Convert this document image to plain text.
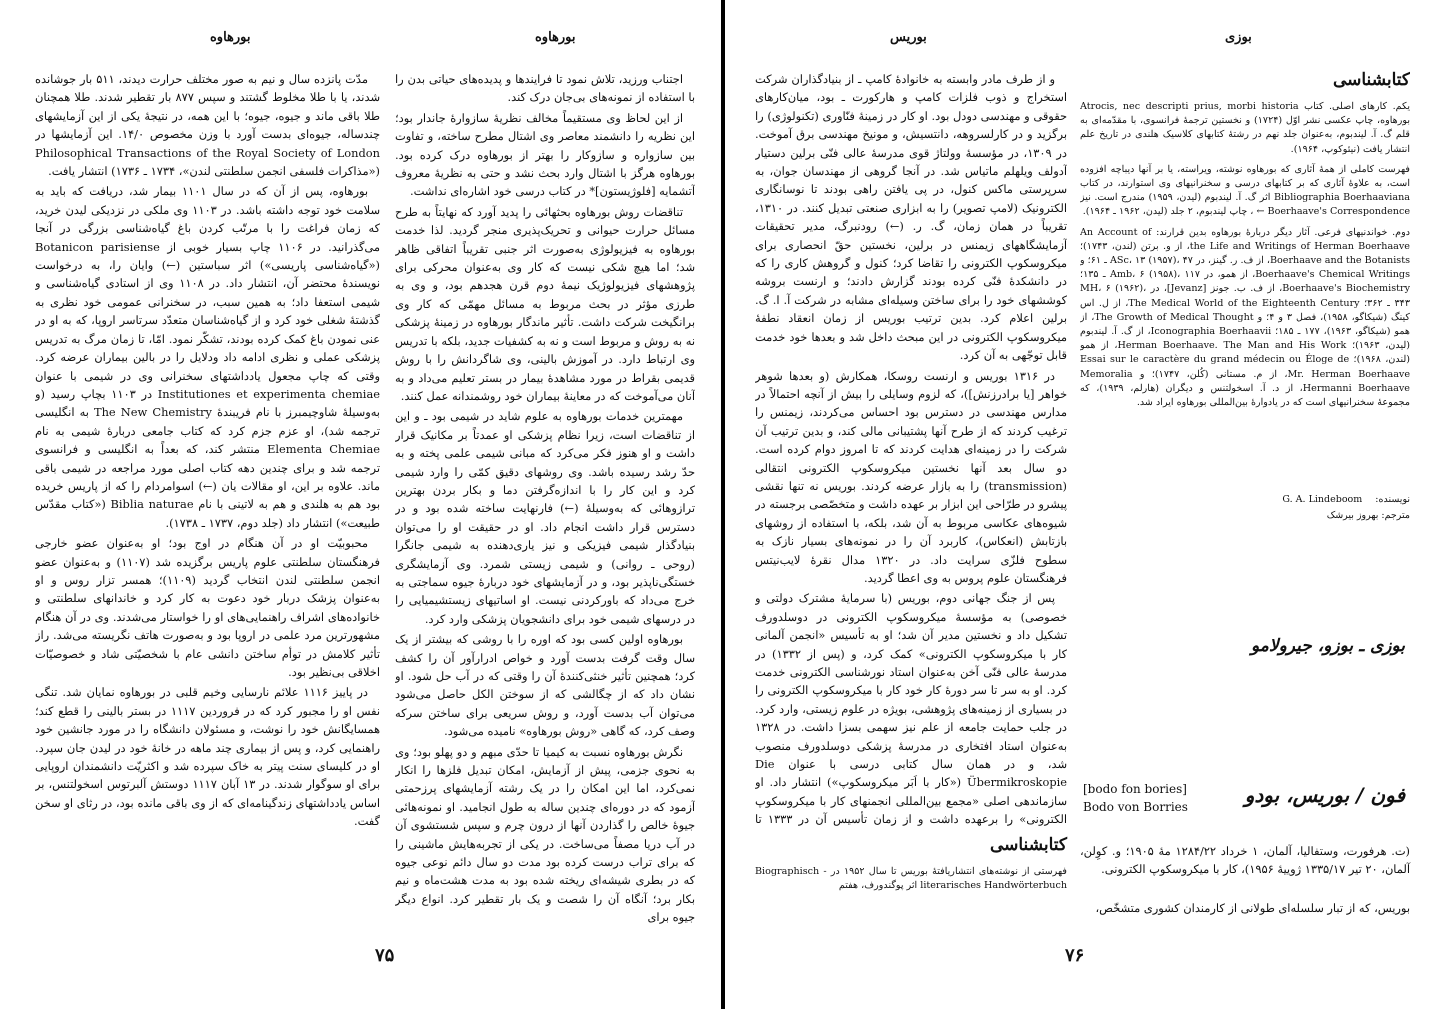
بورهاوه	بورهاوه

اجتناب ورزید، تلاش نمود تا فرایندها و پدیده‌های حیاتی بدن را با استفاده از نمونه‌های بی‌جان درک کند.

از این لحاظ وی مستقیماً مخالف نظریهٔ سازوارهٔ جاندار بود؛ این نظریه را دانشمند معاصر وی اشتال مطرح ساخته، و تفاوت بین سازواره و سازوکار را بهتر از بورهاوه درک کرده بود. بورهاوه هرگز با اشتال وارد بحث نشد و حتی به نظریهٔ معروف آتشمایه [فلوژیستون]* در کتاب درسی خود اشاره‌ای نداشت.

تناقضات روش بورهاوه بحثهائی را پدید آورد که نهایتاً به طرح مسائل حرارت حیوانی و تحریک‌پذیری منجر گردید. لذا خدمت بورهاوه به فیزیولوژی به‌صورت اثر جنبی تقریباً اتفاقی ظاهر شد؛ اما هیچ شکی نیست که کار وی به‌عنوان محرکی برای پژوهشهای فیزیولوژیک نیمهٔ دوم قرن هجدهم بود، و وی به‌ طرزی مؤثر در بحث مربوط به مسائل مهمّی که کار وی برانگیخت شرکت داشت. تأثیر ماندگار بورهاوه در زمینهٔ پزشکی نه به‌ روش و مربوط است و نه به کشفیات جدید، بلکه با تدریس وی ارتباط دارد. در آموزش بالینی، وی شاگردانش را با روش قدیمی بقراط در مورد مشاهدهٔ بیمار در بستر تعلیم می‌داد و به آنان می‌آموخت که در معاینهٔ بیماران خود روشمندانه عمل کنند.

مهمترین خدمات بورهاوه به علوم شاید در شیمی بود ـ و این از تناقضات است، زیرا نظام پزشکی او عمدتاً بر مکانیک قرار داشت و او هنوز فکر می‌کرد که مبانی شیمی علمی پخته و به حدّ رشد رسیده باشد. وی روشهای دقیق کمّی را وارد شیمی کرد و این کار را با اندازه‌گرفتن دما و بکار بردن بهترین ترازوهائی که به‌وسیلهٔ (←) فارنهایت ساخته شده بود و در دسترس قرار داشت انجام داد. او در حقیقت او را می‌توان بنیادگذار شیمی فیزیکی و نیز یاری‌دهنده به شیمی جانگرا (روحی ـ روانی) و شیمی زیستی شمرد. وی آزمایشگری خستگی‌ناپذیر بود، و در آزمایشهای خود دربارهٔ جیوه سماجتی به خرج می‌داد که باورکردنی نیست. او اساتیهای زیستشیمیایی را در درسهای شیمی خود برای دانشجویان پزشکی وارد کرد.

بورهاوه اولین کسی بود که اوره را با روشی که بیشتر از یک سال وقت گرفت بدست آورد و خواص ادرارآور آن را کشف کرد؛ همچنین تأثیر خنثی‌کنندهٔ آن را وقتی که در آب حل شود. او نشان داد که از چگالشی که از سوختن الکل حاصل می‌شود می‌توان آب بدست آورد، و روش سریعی برای ساختن سرکه وصف کرد، که گاهی «روش بورهاوه» نامیده می‌شود.

نگرش بورهاوه نسبت به کیمیا تا حدّی مبهم و دو پهلو بود؛ وی به نحوی جزمی، پیش از آزمایش، امکان تبدیل فلزها را انکار نمی‌کرد، اما این امکان را در یک رشته آزمایشهای پرزحمتی آزمود که در دوره‌ای چندین ساله به طول انجامید. او نمونه‌هائی جیوهٔ خالص را گذاردن آنها از درون چرم و سپس شستشوی آن در آب دریا مصفاً می‌ساخت. در یکی از تجربه‌هایش ماشینی را که برای تراب درست کرده بود مدت دو سال دائم نوعی جیوه که در بطری شیشه‌ای ریخته شده بود به مدت هشت‌ماه و نیم بکار برد؛ آنگاه آن را شصت و یک بار تقطیر کرد. انواع دیگر جیوه برای

مدّت پانزده سال و نیم به صور مختلف حرارت دیدند، ۵۱۱ بار جوشانده شدند، یا با طلا مخلوط گشتند و سپس ۸۷۷ بار تقطیر شدند. طلا همچنان طلا باقی ماند و جیوه، جیوه؛ با این همه، در نتیجهٔ یکی از این آزمایشهای چندساله، جیوه‌ای بدست آورد با وزن مخصوص ۱۴/۰. این آزمایشها در Philosophical Transactions of the Royal Society of London («مذاکرات فلسفی انجمن سلطنتی لندن»، ۱۷۳۴ ـ ۱۷۳۶) انتشار یافت.

بورهاوه، پس از آن که در سال ۱۱۰۱ بیمار شد، دریافت که باید به سلامت خود توجه داشته باشد. در ۱۱۰۳ وی ملکی در نزدیکی لیدن خرید، که زمان فراغت را با مرتّب کردن باغ گیاه‌شناسی بزرگی در آنجا می‌گذرانید. در ۱۱۰۶ چاپ بسیار خوبی از Botanicon parisiense («گیاه‌شناسی پاریسی») اثر سباستین (←) وایان را، به درخواست نویسندهٔ محتضر آن، انتشار داد. در ۱۱۰۸ وی از استادی گیاه‌شناسی و شیمی استعفا داد؛ به همین سبب، در سخنرانی عمومی خود نظری به گذشتهٔ شغلی خود کرد و از گیاه‌شناسان متعدّد سرتاسر اروپا، که به او در عنی نمودن باغ کمک کرده بودند، تشکّر نمود. امّا، تا زمان مرگ به تدریس پزشکی عملی و نظری ادامه داد ودلایل را در بالین بیماران عرضه کرد. وقتی که چاپ مجعول یادداشتهای سخنرانی وی در شیمی با عنوان Institutiones et experimenta chemiae در ۱۱۰۳ بچاپ رسید (و به‌وسیلهٔ شاوچیمبرز با نام فریبندهٔ The New Chemistry به انگلیسی ترجمه شد)، او عزم جزم کرد که کتاب جامعی دربارهٔ شیمی به نام Elementa Chemiae منتشر کند، که بعداً به انگلیسی و فرانسوی ترجمه شد و برای چندین دهه کتاب اصلی مورد مراجعه در شیمی باقی ماند. علاوه بر این، او مقالات یان (←) اسوامردام را که از پاریس خریده بود هم به هلندی و هم به لاتینی با نام Biblia naturae («کتاب مقدّس طبیعت») انتشار داد (جلد دوم، ۱۷۳۷ ـ ۱۷۳۸).

محبوبیّت او در آن هنگام در اوج بود؛ او به‌عنوان عضو خارجی فرهنگستان سلطنتی علوم پاریس برگزیده شد (۱۱۰۷) و به‌عنوان عضو انجمن سلطنتی لندن انتخاب گردید (۱۱۰۹)؛ همسر تزار روس و او به‌عنوان پزشک دربار خود دعوت به کار کرد و خاندانهای سلطنتی و خانواده‌های اشراف راهنمایی‌های او را خواستار می‌شدند. وی در آن هنگام مشهورترین مرد علمی در اروپا بود و به‌صورت هاتف نگریسته می‌شد. راز تأثیر کلامش در توأم ساختن دانشی عام با شخصیّتی شاد و خصوصیّات اخلاقی بی‌نظیر بود.

در پاییز ۱۱۱۶ علائم نارسایی وخیم قلبی در بورهاوه نمایان شد. تنگی نفس او را مجبور کرد که در فروردین ۱۱۱۷ در بستر بالینی را قطع کند؛ همسایگانش خود را نوشت، و مسئولان دانشگاه را در مورد جانشین خود راهنمایی کرد، و پس از بیماری چند ماهه در خانهٔ خود در لیدن جان سپرد. او در کلیسای سنت پیتر به خاک سپرده شد و اکثریّت دانشمندان اروپایی برای او سوگوار شدند. در ۱۳ آبان ۱۱۱۷ دوستش آلبرتوس اسخولتنس، بر اساس یادداشتهای زندگینامه‌ای که از وی باقی مانده بود، در رثای او سخن گفت.

۷۵
بوریس	بوزی

و از طرف مادر وابسته به خانوادهٔ کامپ ـ از بنیادگذاران شرکت استخراج و ذوب فلزات کامپ و هارکورت ـ بود، میان‌کارهای حقوقی و مهندسی دودل بود. او کار در زمینهٔ فنّاوری (تکنولوژی) را برگزید و در کارلسروهه، دانتسیش، و مونیخ مهندسی برق آموخت. در ۱۳۰۹، در مؤسسهٔ وولتاژ قوی مدرسهٔ عالی فنّی برلین دستیار آدولف ویلهلم ماتیاس شد. در آنجا گروهی از مهندسان جوان، به سرپرستی ماکس کنول، در پی یافتن راهی بودند تا نوسانگاری الکترونیک (لامپ تصویر) را به ابزاری صنعتی تبدیل کنند. در ۱۳۱۰، تقریباً در همان زمان، گ. ر. (←) رودنبرگ، مدیر تحقیقات آزمایشگاههای زیمنس در برلین، نخستین حقّ انحصاری برای میکروسکوپ الکترونی را تقاضا کرد؛ کنول و گروهش کاری را که در دانشکدهٔ فنّی کرده بودند گزارش دادند؛ و ارنست بروشه کوششهای خود را برای ساختن وسیله‌ای مشابه در شرکت آ. ا. گ. برلین اعلام کرد. بدین ترتیب بوریس از زمان انعقاد نطفهٔ میکروسکوپ الکترونی در این مبحث داخل شد و بعدها خود خدمت قابل توجّهی به آن کرد.

در ۱۳۱۶ بوریس و ارنست روسکا، همکارش (و بعدها شوهر خواهر [یا برادرزنش])، که لزوم وسایلی را بیش از آنچه احتمالاً در مدارس مهندسی در دسترس بود احساس می‌کردند، زیمنس را ترغیب کردند که از طرح آنها پشتیبانی مالی کند، و بدین ترتیب آن شرکت را در زمینه‌ای هدایت کردند که تا امروز دوام کرده است. دو سال بعد آنها نخستین میکروسکوپ الکترونی انتقالی (transmission) را به بازار عرضه کردند. بوریس نه تنها نقشی پیشرو در طرّاحی این ابزار بر عهده داشت و متخصّصی برجسته در شیوه‌های عکاسی مربوط به آن شد، بلکه، با استفاده از روشهای بازتابش (انعکاس)، کاربرد آن را در نمونه‌های بسیار نازک به سطوح فلزّی سرایت داد. در ۱۳۲۰ مدال نقرهٔ لایب‌نیتس فرهنگستان علوم پروس به وی اعطا گردید.

پس از جنگ جهانی دوم، بوریس (با سرمایهٔ مشترک دولتی و خصوصی) به مؤسسهٔ میکروسکوپ الکترونی در دوسلدورف تشکیل داد و نخستین مدیر آن شد؛ او به تأسیس «انجمن آلمانی کار با میکروسکوپ الکترونی» کمک کرد، و (پس از ۱۳۳۲) در مدرسهٔ عالی فنّی آخن به‌عنوان استاد نورشناسی الکترونی خدمت کرد. او به سر تا سر دورهٔ کار خود کار با میکروسکوپ الکترونی را در بسیاری از زمینه‌های پژوهشی، بویژه در علوم زیستی، وارد کرد. در جلب حمایت جامعه از علم نیز سهمی بسزا داشت. در ۱۳۲۸ به‌عنوان استاد افتخاری در مدرسهٔ پزشکی دوسلدورف منصوب شد، و در همان سال کتابی درسی با عنوان Die Übermikroskopie («کار با اَبَر میکروسکوپ») انتشار داد. او سازماندهی اصلی «مجمع بین‌المللی انجمنهای کار با میکروسکوپ الکترونی» را برعهده داشت و از زمان تأسیس آن در ۱۳۳۳ تا

کتابشناسی
فهرستی از نوشته‌های انتشاریافتهٔ بوریس تا سال ۱۹۵۲ در Biographisch - literarisches Handwörterbuch اثر پوگندورف، هفتم
کتابشناسی

یکم. کارهای اصلی. کتاب Atrocis, nec descripti prius, morbi historia بورهاوه، چاپ عکسی نشر اوّل (۱۷۲۴) و نخستین ترجمهٔ فرانسوی، با مقدّمه‌ای به قلم گ. آ. لیندبوم، به‌عنوان جلد نهم در رشتهٔ کتابهای کلاسیک هلندی در تاریخ علم انتشار یافت (نیئوکوپ، ۱۹۶۴).

فهرست کاملی از همهٔ آثاری که بورهاوه نوشته، ویراسته، یا بر آنها دیباچه افزوده است، به علاوهٔ آثاری که بر کتابهای درسی و سخنرانیهای وی استوارند، در کتاب Bibliographia Boerhaaviana اثر گ. آ. لیندبوم (لیدن، ۱۹۵۹) مندرج است. نیز Boerhaave's Correspondence ← ، چاپ لیندبوم، ۲ جلد (لیدن، ۱۹۶۲ ـ ۱۹۶۴).

دوم. خواندنیهای فرعی. آثار دیگر دربارهٔ بورهاوه بدین قرارند: An Account of the Life and Writings of Herman Boerhaave، از و. برتن (لندن، ۱۷۴۳)؛ Boerhaave and the Botanists، از ف. ر. گینز، در ASc، ۱۳ (۱۹۵۷)، ۴۷ ـ ۶۱؛ و Boerhaave's Chemical Writings، از همو، در Amb، ۶ (۱۹۵۸)، ۱۱۷ ـ ۱۳۵؛ Boerhaave's Biochemistry، از ف. ب. جونز [Jevanz]، در MH، ۶ (۱۹۶۲)، ۳۴۳ ـ ۳۶۲؛ The Medical World of the Eighteenth Century، از ل. اس کینگ (شیکاگو، ۱۹۵۸)، فصل ۳ و ۴؛ و The Growth of Medical Thought، از همو (شیکاگو، ۱۹۶۳)، ۱۷۷ ـ ۱۸۵؛ Iconographia Boerhaavii، از گ. آ. لیندبوم (لیدن، ۱۹۶۳)؛ Herman Boerhaave. The Man and His Work، از همو (لندن، ۱۹۶۸)؛ Essai sur le caractère du grand médecin ou Éloge de Mr. Herman Boerhaave، از م. مستانی (کُلن، ۱۷۴۷)؛ و Memoralia Hermanni Boerhaave، از د. آ. اسخولتنس و دیگران (هارلم، ۱۹۳۹)، که مجموعهٔ سخنرانیهای است که در یادوارهٔ بین‌المللی بورهاوه ایراد شد.

نویسنده: G. A. Lindeboom
مترجم: بهروز بیرشک
بوزی ـ بوزو، جیرولامو
فون / بوریس، بودو
[bodo fon bories]
Bodo von Borries
(ت. هرفورت، وستفالیا، آلمان، ۱ خرداد ۱۲۸۴/۲۲ مهٔ ۱۹۰۵؛ و. کوِلن، آلمان، ۲۰ تیر ۱۳۳۵/۱۷ ژوییهٔ ۱۹۵۶)، کار با میکروسکوپ الکترونی.
بوریس، که از تبار سلسله‌ای طولانی از کارمندان کشوری متشخّص،
۷۶
